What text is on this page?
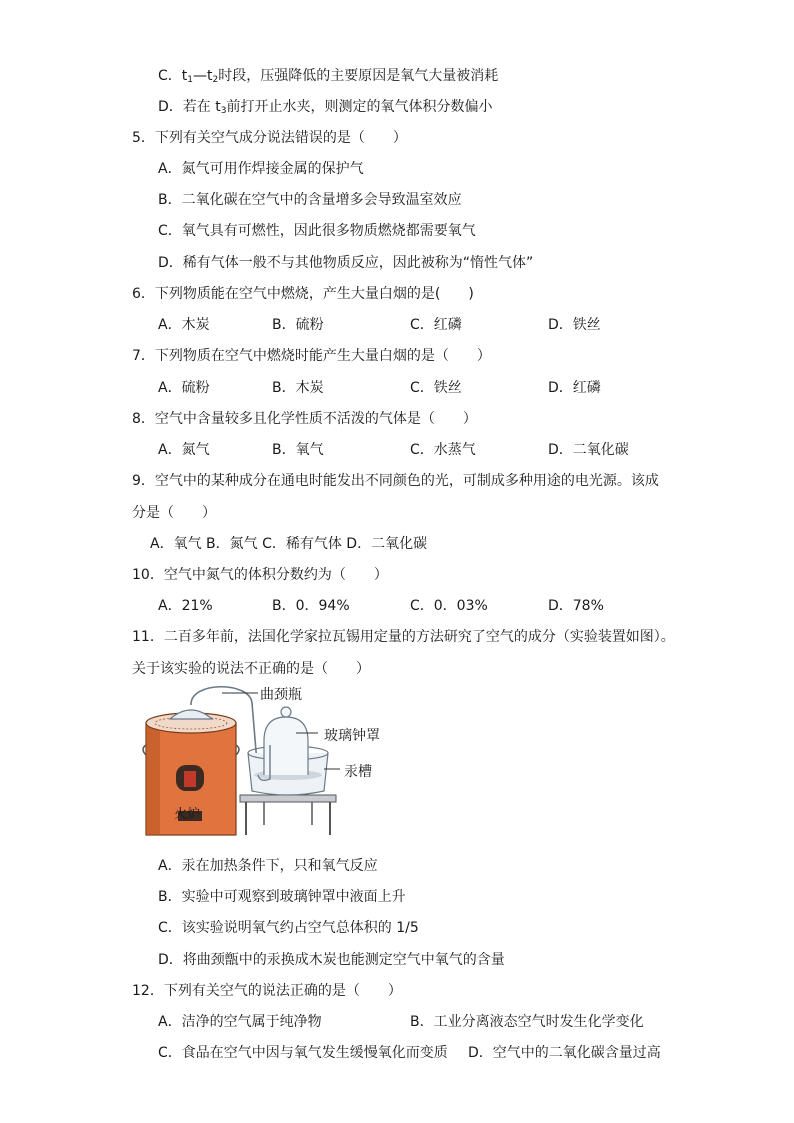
C．$t_1—t_2$时段，压强降低的主要原因是氧气大量被消耗
D．若在 $t_3$前打开止水夹，则测定的氧气体积分数偏小
5．下列有关空气成分说法错误的是（　　）
A．氮气可用作焊接金属的保护气
B．二氧化碳在空气中的含量增多会导致温室效应
C．氧气具有可燃性，因此很多物质燃烧都需要氧气
D．稀有气体一般不与其他物质反应，因此被称为“惰性气体”
6．下列物质能在空气中燃烧，产生大量白烟的是(　　)
A．木炭	B．硫粉	C．红磷	D．铁丝
7．下列物质在空气中燃烧时能产生大量白烟的是（　　）
A．硫粉	B．木炭	C．铁丝	D．红磷
8．空气中含量较多且化学性质不活泼的气体是（　　）
A．氮气	B．氧气	C．水蒸气	D．二氧化碳
9．空气中的某种成分在通电时能发出不同颜色的光，可制成多种用途的电光源。该成
分是（　　）
A．氧气 B．氮气 C．稀有气体 D．二氧化碳
10．空气中氮气的体积分数约为（　　）
A．21%	B．0．94%	C．0．03%	D．78%
11．二百多年前，法国化学家拉瓦锡用定量的方法研究了空气的成分（实验装置如图）。
关于该实验的说法不正确的是（　　）
曲颈瓶
玻璃钟罩
汞槽
火炉
A．汞在加热条件下，只和氧气反应
B．实验中可观察到玻璃钟罩中液面上升
C．该实验说明氧气约占空气总体积的 1/5
D．将曲颈甑中的汞换成木炭也能测定空气中氧气的含量
12．下列有关空气的说法正确的是（　　）
A．洁净的空气属于纯净物	B．工业分离液态空气时发生化学变化
C．食品在空气中因与氧气发生缓慢氧化而变质 D．空气中的二氧化碳含量过高
